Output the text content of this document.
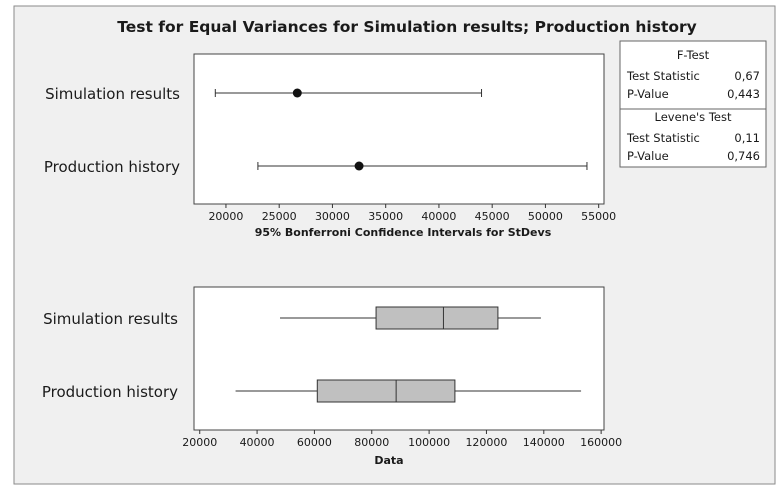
Test for Equal Variances for Simulation results; Production history
Simulation results
Production history
20000 25000 30000 35000 40000 45000 50000 55000
95% Bonferroni Confidence Intervals for StDevs
Simulation results
Production history
20000 40000 60000 80000 100000 120000 140000 160000
Data
F-Test
Test Statistic	0,67
P-Value	0,443
Levene's Test
Test Statistic	0,11
P-Value	0,746
